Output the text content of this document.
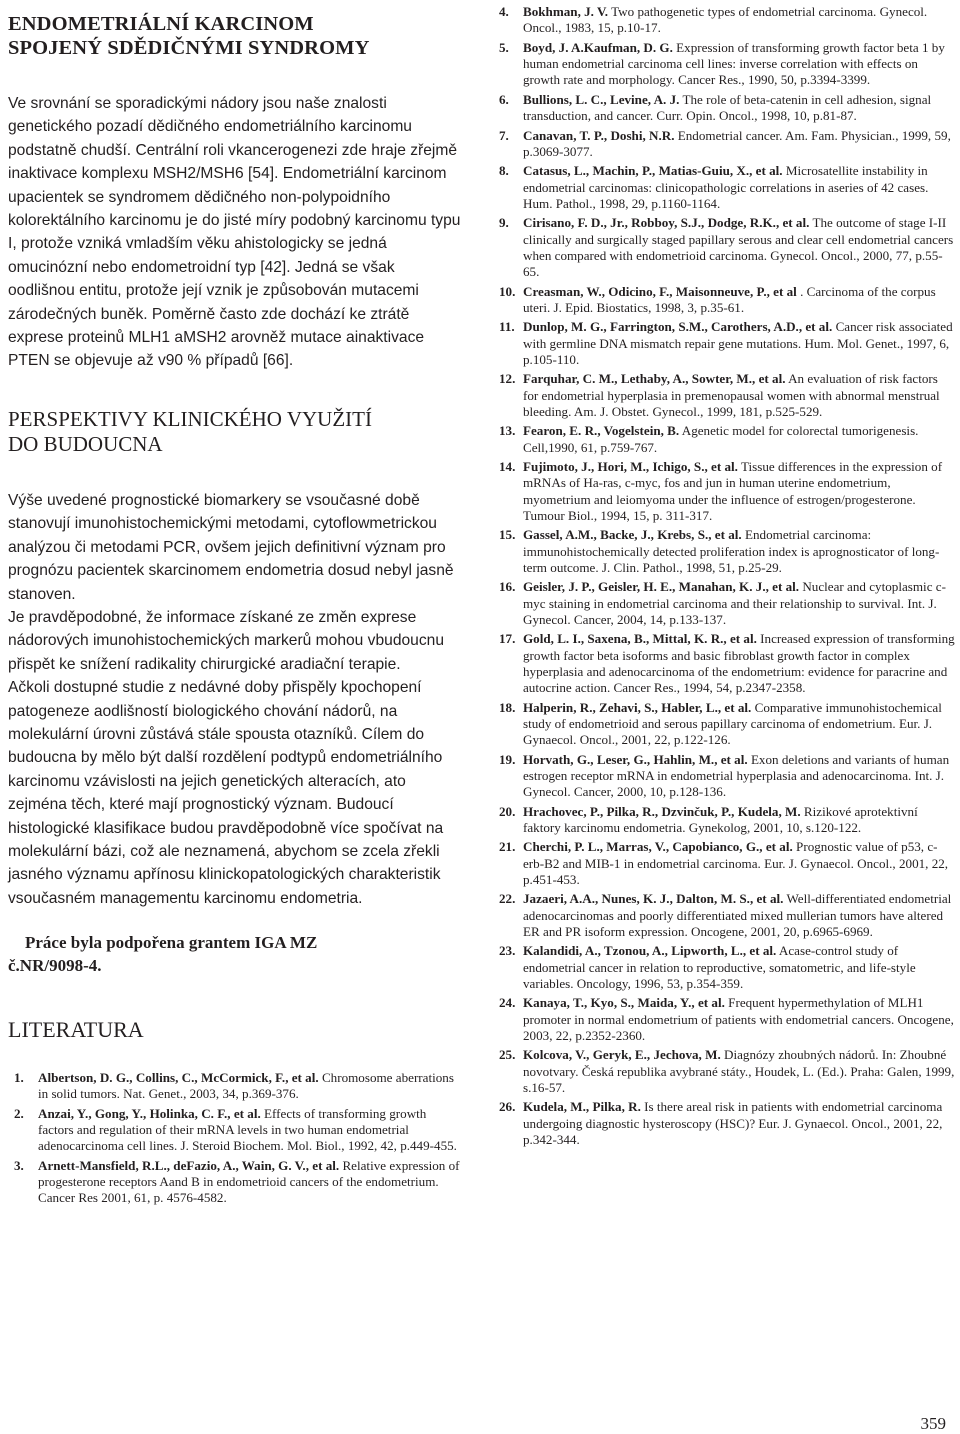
ENDOMETRIÁLNÍ KARCINOM
SPOJENÝ SDĚDIČNÝMI SYNDROMY

Ve srovnání se sporadickými nádory jsou naše znalosti genetického pozadí dědičného endometriálního karcinomu podstatně chudší. Centrální roli vkancerogenezi zde hraje zřejmě inaktivace komplexu MSH2/MSH6 [54]. Endometriální karcinom upacientek se syndromem dědičného non-polypoidního kolorektálního karcinomu je do jisté míry podobný karcinomu typu I, protože vzniká vmladším věku ahistologicky se jedná omucinózní nebo endometroidní typ [42]. Jedná se však oodlišnou entitu, protože její vznik je způsobován mutacemi zárodečných buněk. Poměrně často zde dochází ke ztrátě exprese proteinů MLH1 aMSH2 arovněž mutace ainaktivace PTEN se objevuje až v90 % případů [66].

PERSPEKTIVY KLINICKÉHO VYUŽITÍ
DO BUDOUCNA

Výše uvedené prognostické biomarkery se vsoučasné době stanovují imunohistochemickými metodami, cytoflowmetrickou analýzou či metodami PCR, ovšem jejich definitivní význam pro prognózu pacientek skarcinomem endometria dosud nebyl jasně stanoven.

Je pravděpodobné, že informace získané ze změn exprese nádorových imunohistochemických markerů mohou vbudoucnu přispět ke snížení radikality chirurgické aradiační terapie.

Ačkoli dostupné studie z nedávné doby přispěly kpochopení patogeneze aodlišností biologického chování nádorů, na molekulární úrovni zůstává stále spousta otazníků. Cílem do budoucna by mělo být další rozdělení podtypů endometriálního karcinomu vzávislosti na jejich genetických alteracích, ato zejména těch, které mají prognostický význam. Budoucí histologické klasifikace budou pravděpodobně více spočívat na molekulární bázi, což ale neznamená, abychom se zcela zřekli jasného významu apřínosu klinickopatologických charakteristik vsoučasném managementu karcinomu endometria.

Práce byla podpořena grantem IGA MZ
č.NR/9098-4.
LITERATURA
1. Albertson, D. G., Collins, C., McCormick, F., et al. Chromosome aberrations in solid tumors. Nat. Genet., 2003, 34, p.369-376.
2. Anzai, Y., Gong, Y., Holinka, C. F., et al. Effects of transforming growth factors and regulation of their mRNA levels in two human endometrial adenocarcinoma cell lines. J. Steroid Biochem. Mol. Biol., 1992, 42, p.449-455.
3. Arnett-Mansfield, R.L., deFazio, A., Wain, G. V., et al. Relative expression of progesterone receptors Aand B in endometrioid cancers of the endometrium. Cancer Res 2001, 61, p. 4576-4582.
4. Bokhman, J. V. Two pathogenetic types of endometrial carcinoma. Gynecol. Oncol., 1983, 15, p.10-17.
5. Boyd, J. A.Kaufman, D. G. Expression of transforming growth factor beta 1 by human endometrial carcinoma cell lines: inverse correlation with effects on growth rate and morphology. Cancer Res., 1990, 50, p.3394-3399.
6. Bullions, L. C., Levine, A. J. The role of beta-catenin in cell adhesion, signal transduction, and cancer. Curr. Opin. Oncol., 1998, 10, p.81-87.
7. Canavan, T. P., Doshi, N.R. Endometrial cancer. Am. Fam. Physician., 1999, 59, p.3069-3077.
8. Catasus, L., Machin, P., Matias-Guiu, X., et al. Microsatellite instability in endometrial carcinomas: clinicopathologic correlations in aseries of 42 cases. Hum. Pathol., 1998, 29, p.1160-1164.
9. Cirisano, F. D., Jr., Robboy, S.J., Dodge, R.K., et al. The outcome of stage I-II clinically and surgically staged papillary serous and clear cell endometrial cancers when compared with endometrioid carcinoma. Gynecol. Oncol., 2000, 77, p.55-65.
10. Creasman, W., Odicino, F., Maisonneuve, P., et al . Carcinoma of the corpus uteri. J. Epid. Biostatics, 1998, 3, p.35-61.
11. Dunlop, M. G., Farrington, S.M., Carothers, A.D., et al. Cancer risk associated with germline DNA mismatch repair gene mutations. Hum. Mol. Genet., 1997, 6, p.105-110.
12. Farquhar, C. M., Lethaby, A., Sowter, M., et al. An evaluation of risk factors for endometrial hyperplasia in premenopausal women with abnormal menstrual bleeding. Am. J. Obstet. Gynecol., 1999, 181, p.525-529.
13. Fearon, E. R., Vogelstein, B. Agenetic model for colorectal tumorigenesis. Cell,1990, 61, p.759-767.
14. Fujimoto, J., Hori, M., Ichigo, S., et al. Tissue differences in the expression of mRNAs of Ha-ras, c-myc, fos and jun in human uterine endometrium, myometrium and leiomyoma under the influence of estrogen/progesterone. Tumour Biol., 1994, 15, p. 311-317.
15. Gassel, A.M., Backe, J., Krebs, S., et al. Endometrial carcinoma: immunohistochemically detected proliferation index is aprognosticator of long-term outcome. J. Clin. Pathol., 1998, 51, p.25-29.
16. Geisler, J. P., Geisler, H. E., Manahan, K. J., et al. Nuclear and cytoplasmic c-myc staining in endometrial carcinoma and their relationship to survival. Int. J. Gynecol. Cancer, 2004, 14, p.133-137.
17. Gold, L. I., Saxena, B., Mittal, K. R., et al. Increased expression of transforming growth factor beta isoforms and basic fibroblast growth factor in complex hyperplasia and adenocarcinoma of the endometrium: evidence for paracrine and autocrine action. Cancer Res., 1994, 54, p.2347-2358.
18. Halperin, R., Zehavi, S., Habler, L., et al. Comparative immunohistochemical study of endometrioid and serous papillary carcinoma of endometrium. Eur. J. Gynaecol. Oncol., 2001, 22, p.122-126.
19. Horvath, G., Leser, G., Hahlin, M., et al. Exon deletions and variants of human estrogen receptor mRNA in endometrial hyperplasia and adenocarcinoma. Int. J. Gynecol. Cancer, 2000, 10, p.128-136.
20. Hrachovec, P., Pilka, R., Dzvinčuk, P., Kudela, M. Rizikové aprotektivní faktory karcinomu endometria. Gynekolog, 2001, 10, s.120-122.
21. Cherchi, P. L., Marras, V., Capobianco, G., et al. Prognostic value of p53, c-erb-B2 and MIB-1 in endometrial carcinoma. Eur. J. Gynaecol. Oncol., 2001, 22, p.451-453.
22. Jazaeri, A.A., Nunes, K. J., Dalton, M. S., et al. Well-differentiated endometrial adenocarcinomas and poorly differentiated mixed mullerian tumors have altered ER and PR isoform expression. Oncogene, 2001, 20, p.6965-6969.
23. Kalandidi, A., Tzonou, A., Lipworth, L., et al. Acase-control study of endometrial cancer in relation to reproductive, somatometric, and life-style variables. Oncology, 1996, 53, p.354-359.
24. Kanaya, T., Kyo, S., Maida, Y., et al. Frequent hypermethylation of MLH1 promoter in normal endometrium of patients with endometrial cancers. Oncogene, 2003, 22, p.2352-2360.
25. Kolcova, V., Geryk, E., Jechova, M. Diagnózy zhoubných nádorů. In: Zhoubné novotvary. Česká republika avybrané státy., Houdek, L. (Ed.). Praha: Galen, 1999, s.16-57.
26. Kudela, M., Pilka, R. Is there areal risk in patients with endometrial carcinoma undergoing diagnostic hysteroscopy (HSC)? Eur. J. Gynaecol. Oncol., 2001, 22, p.342-344.
359
